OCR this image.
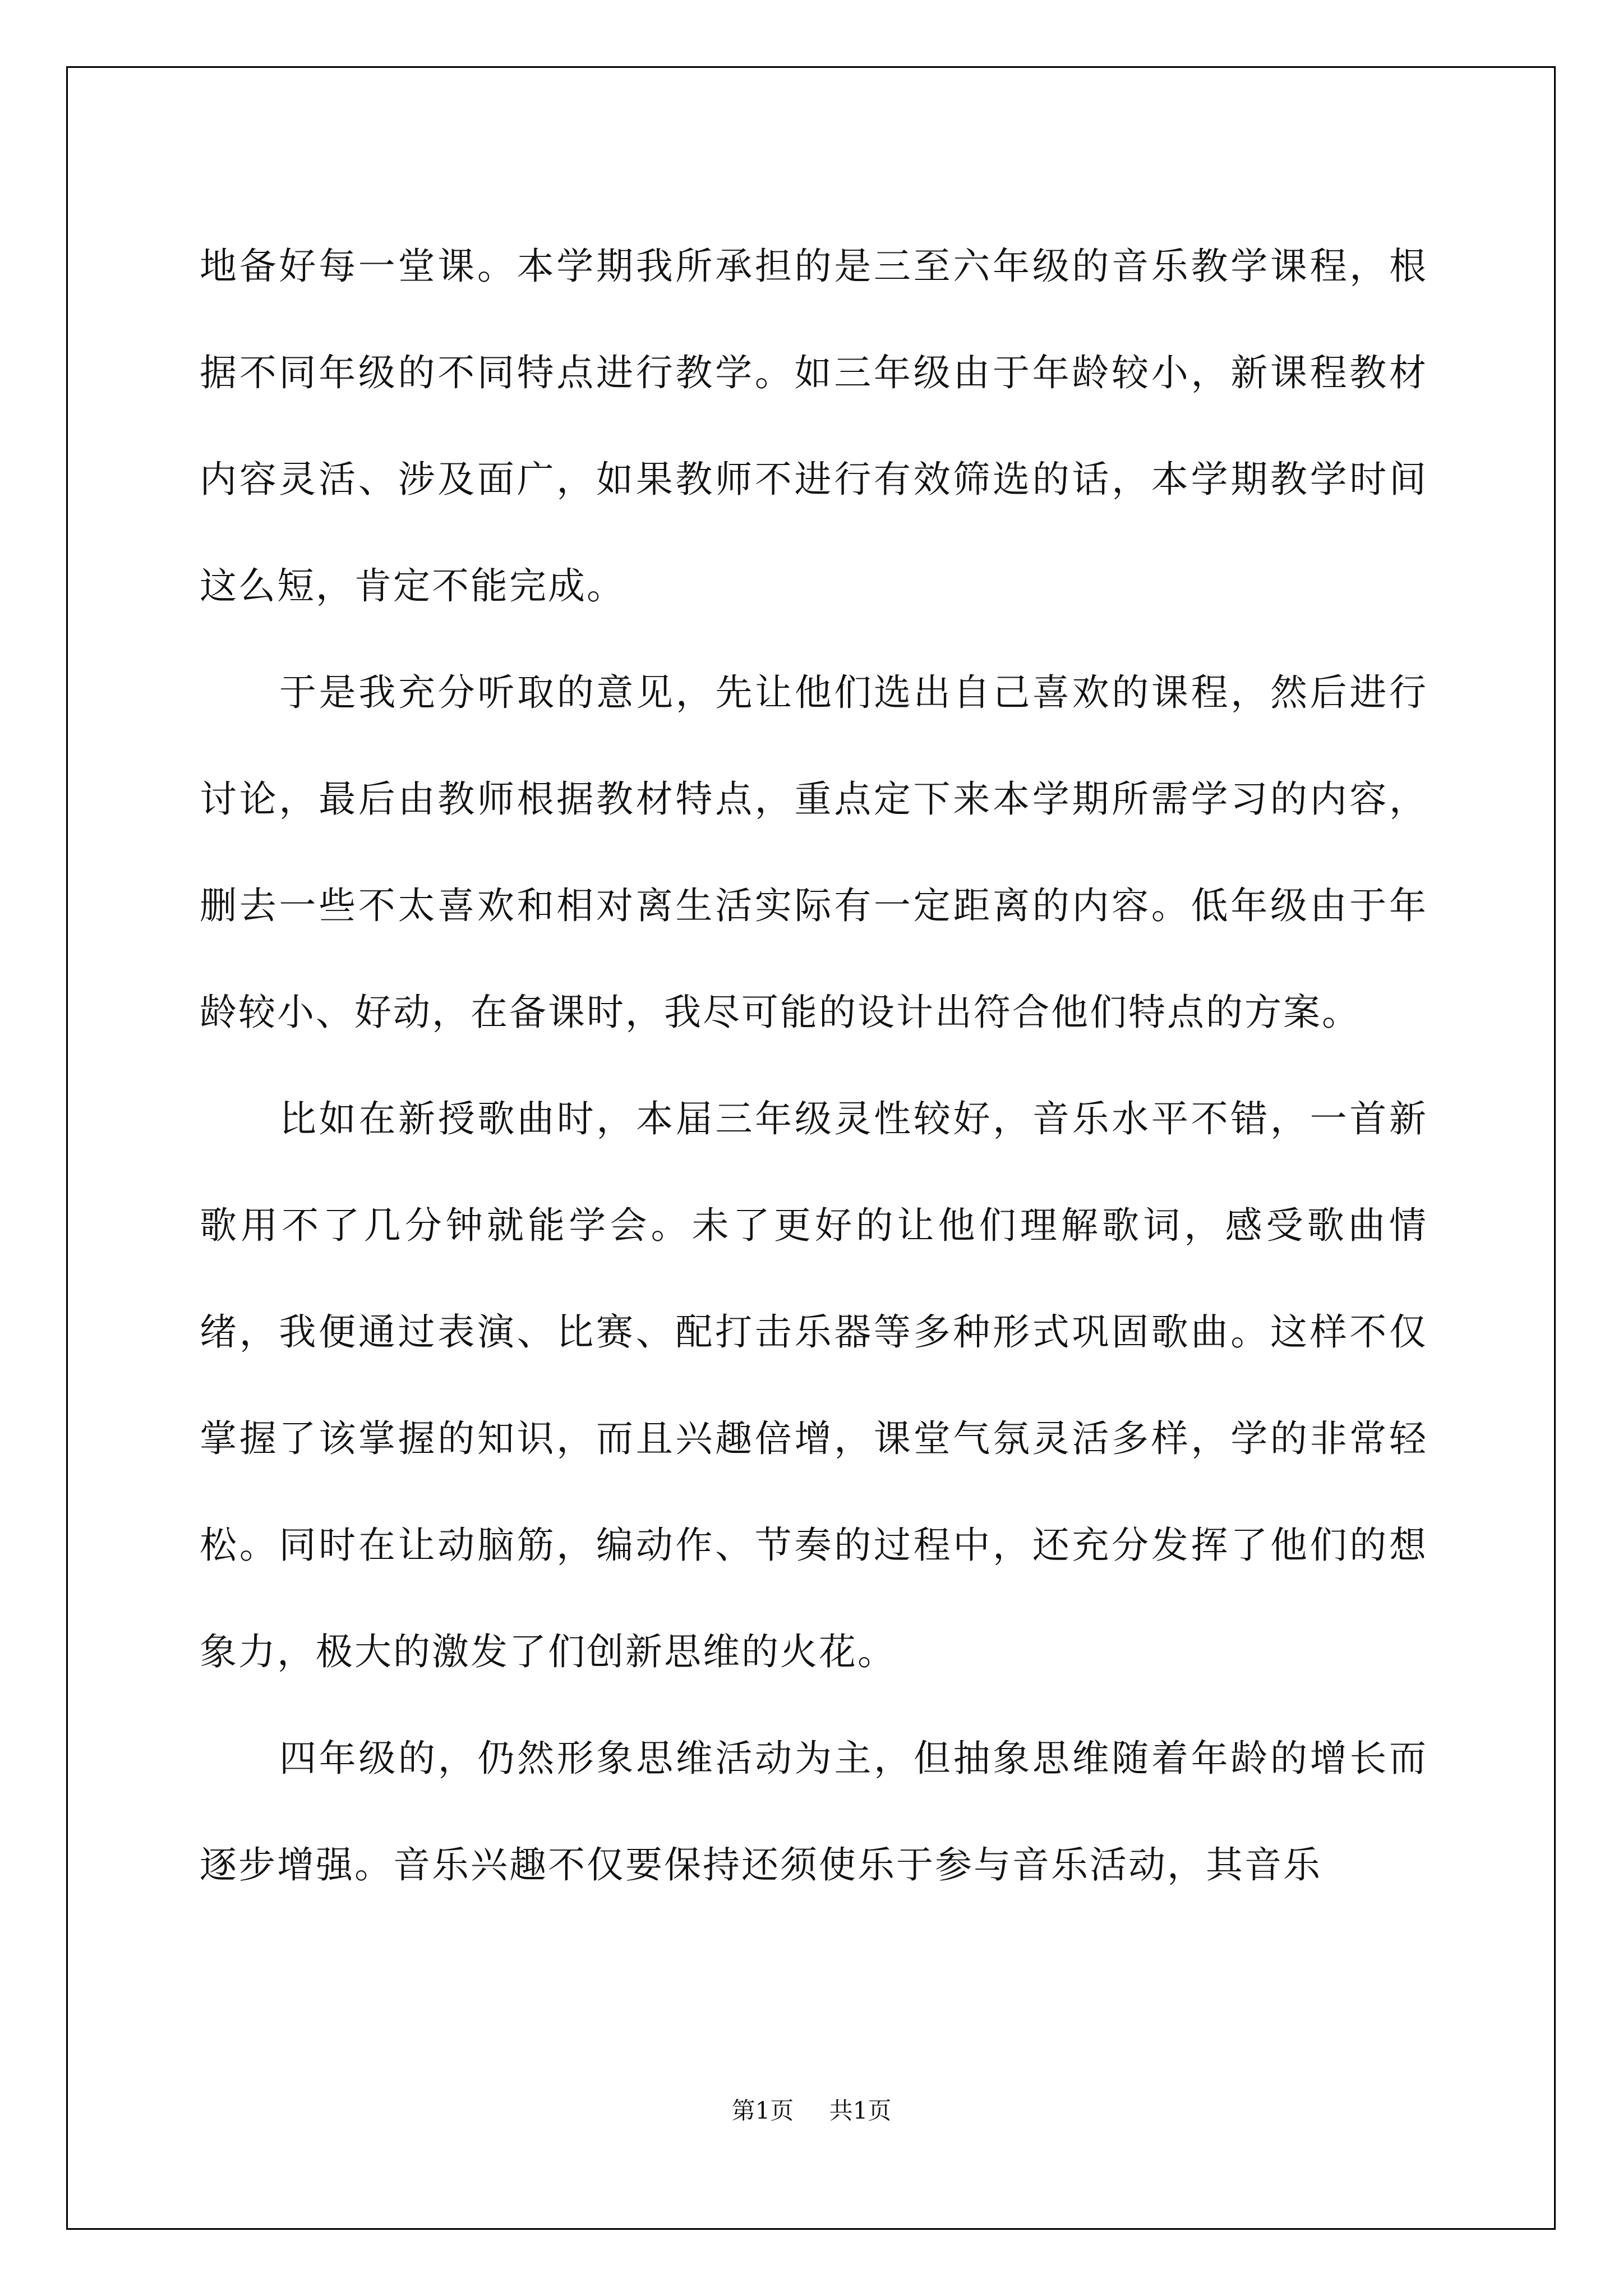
地备好每一堂课。本学期我所承担的是三至六年级的音乐教学课程，根据不同年级的不同特点进行教学。如三年级由于年龄较小，新课程教材内容灵活、涉及面广，如果教师不进行有效筛选的话，本学期教学时间这么短，肯定不能完成。

于是我充分听取的意见，先让他们选出自己喜欢的课程，然后进行讨论，最后由教师根据教材特点，重点定下来本学期所需学习的内容，删去一些不太喜欢和相对离生活实际有一定距离的内容。低年级由于年龄较小、好动，在备课时，我尽可能的设计出符合他们特点的方案。

比如在新授歌曲时，本届三年级灵性较好，音乐水平不错，一首新歌用不了几分钟就能学会。未了更好的让他们理解歌词，感受歌曲情绪，我便通过表演、比赛、配打击乐器等多种形式巩固歌曲。这样不仅掌握了该掌握的知识，而且兴趣倍增，课堂气氛灵活多样，学的非常轻松。同时在让动脑筋，编动作、节奏的过程中，还充分发挥了他们的想象力，极大的激发了们创新思维的火花。

四年级的，仍然形象思维活动为主，但抽象思维随着年龄的增长而逐步增强。音乐兴趣不仅要保持还须使乐于参与音乐活动，其音乐

第1页 共1页
